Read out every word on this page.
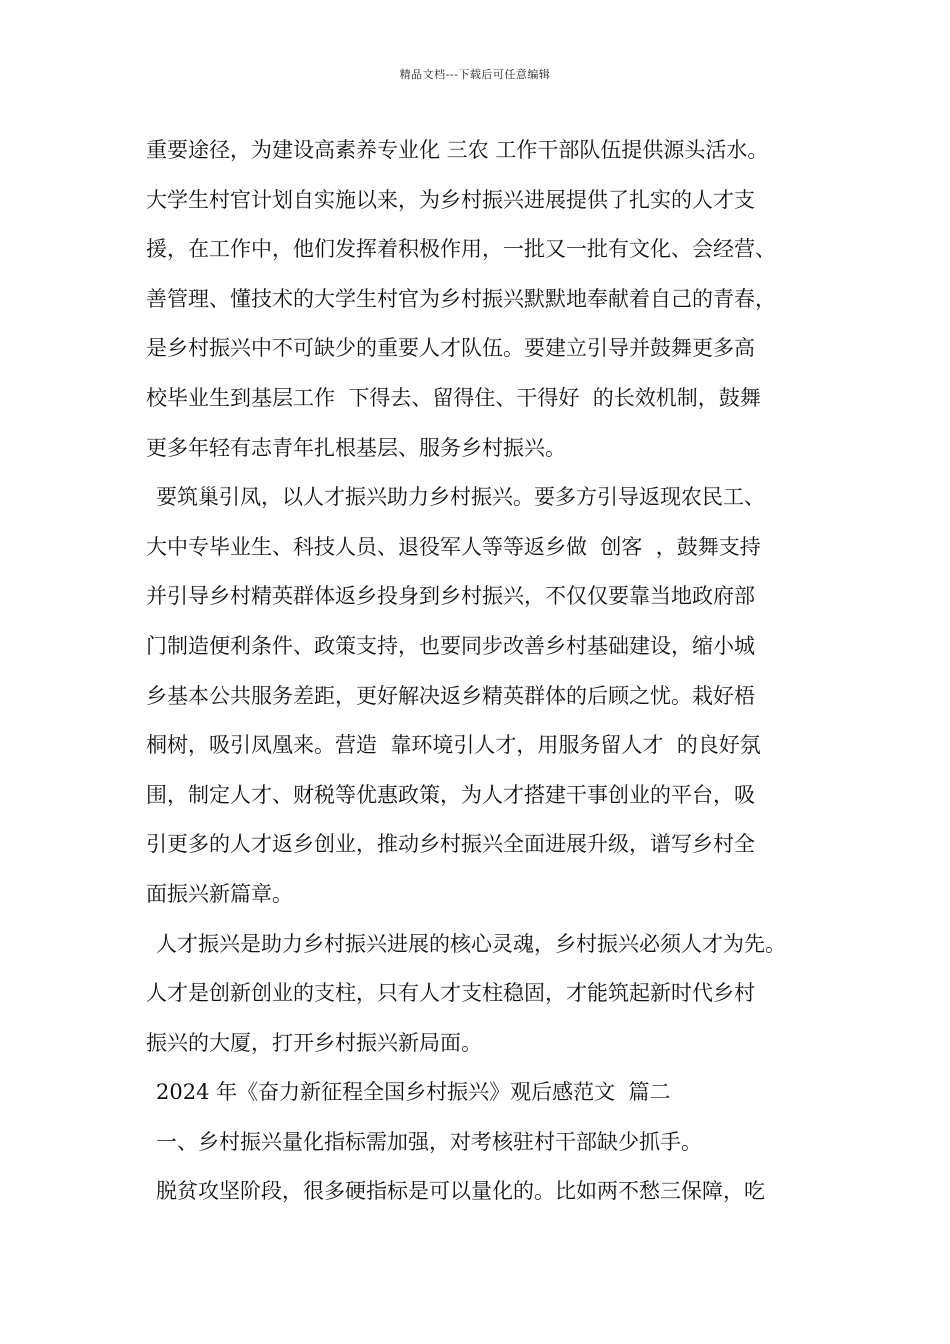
精品文档---下载后可任意编辑
重要途径，为建设高素养专业化 三农 工作干部队伍提供源头活水。
大学生村官计划自实施以来，为乡村振兴进展提供了扎实的人才支
援，在工作中，他们发挥着积极作用，一批又一批有文化、会经营、
善管理、懂技术的大学生村官为乡村振兴默默地奉献着自己的青春，
是乡村振兴中不可缺少的重要人才队伍。要建立引导并鼓舞更多高
校毕业生到基层工作  下得去、留得住、干得好  的长效机制，鼓舞
更多年轻有志青年扎根基层、服务乡村振兴。
要筑巢引凤，以人才振兴助力乡村振兴。要多方引导返现农民工、
大中专毕业生、科技人员、退役军人等等返乡做  创客  ，鼓舞支持
并引导乡村精英群体返乡投身到乡村振兴，不仅仅要靠当地政府部
门制造便利条件、政策支持，也要同步改善乡村基础建设，缩小城
乡基本公共服务差距，更好解决返乡精英群体的后顾之忧。栽好梧
桐树，吸引凤凰来。营造  靠环境引人才，用服务留人才  的良好氛
围，制定人才、财税等优惠政策，为人才搭建干事创业的平台，吸
引更多的人才返乡创业，推动乡村振兴全面进展升级，谱写乡村全
面振兴新篇章。
人才振兴是助力乡村振兴进展的核心灵魂，乡村振兴必须人才为先。
人才是创新创业的支柱，只有人才支柱稳固，才能筑起新时代乡村
振兴的大厦，打开乡村振兴新局面。
2024 年《奋力新征程全国乡村振兴》观后感范文  篇二
一、乡村振兴量化指标需加强，对考核驻村干部缺少抓手。
脱贫攻坚阶段，很多硬指标是可以量化的。比如两不愁三保障，吃
